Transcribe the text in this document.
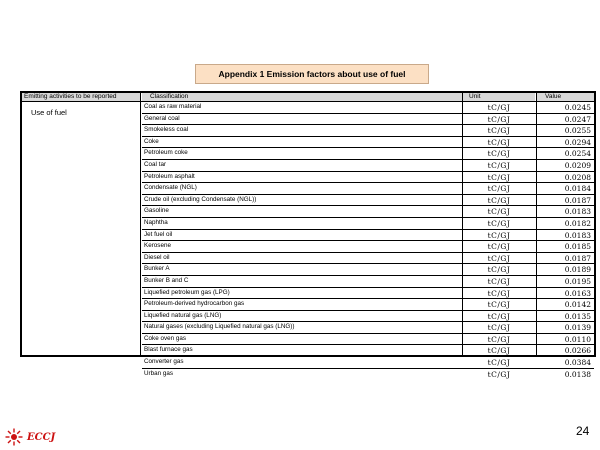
Appendix 1 Emission factors about use of fuel
Emitting activities to be reported	Classification	Unit	Value
Use of fuel
Coal as raw material	tC/GJ	0.0245
General coal	tC/GJ	0.0247
Smokeless coal	tC/GJ	0.0255
Coke	tC/GJ	0.0294
Petroleum coke	tC/GJ	0.0254
Coal tar	tC/GJ	0.0209
Petroleum asphalt	tC/GJ	0.0208
Condensate (NGL)	tC/GJ	0.0184
Crude oil (excluding Condensate (NGL))	tC/GJ	0.0187
Gasoline	tC/GJ	0.0183
Naphtha	tC/GJ	0.0182
Jet fuel oil	tC/GJ	0.0183
Kerosene	tC/GJ	0.0185
Diesel oil	tC/GJ	0.0187
Bunker A	tC/GJ	0.0189
Bunker B and C	tC/GJ	0.0195
Liquefied petroleum gas (LPG)	tC/GJ	0.0163
Petroleum-derived hydrocarbon gas	tC/GJ	0.0142
Liquefied natural gas (LNG)	tC/GJ	0.0135
Natural gases (excluding Liquefied natural gas (LNG))	tC/GJ	0.0139
Coke oven gas	tC/GJ	0.0110
Blast furnace gas	tC/GJ	0.0266
Converter gas	tC/GJ	0.0384
Urban gas	tC/GJ	0.0138
ECCJ	24
